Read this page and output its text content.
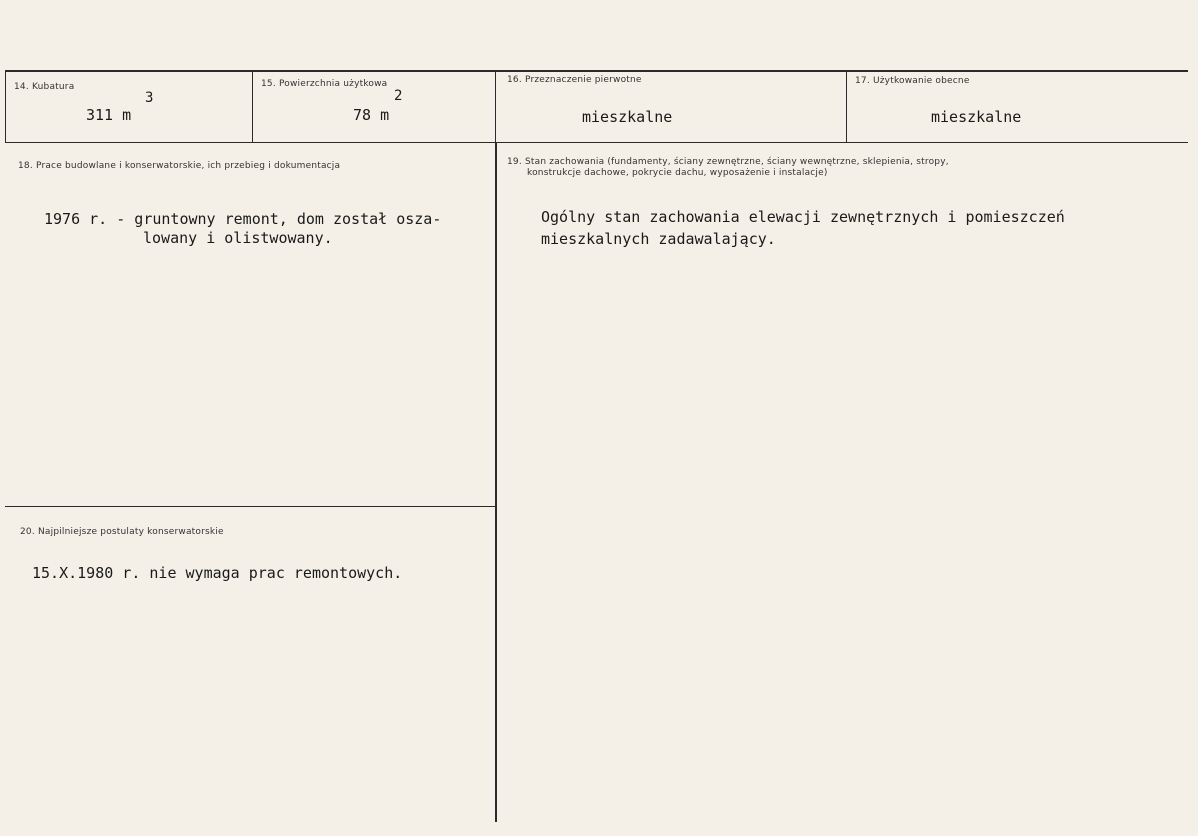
14. Kubatura
311 m
3
15. Powierzchnia użytkowa
78 m
2
16. Przeznaczenie pierwotne
mieszkalne
17. Użytkowanie obecne
mieszkalne
18. Prace budowlane i konserwatorskie, ich przebieg i dokumentacja
1976 r. - gruntowny remont, dom został osza-
lowany i olistwowany.
19. Stan zachowania (fundamenty, ściany zewnętrzne, ściany wewnętrzne, sklepienia, stropy,
konstrukcje dachowe, pokrycie dachu, wyposażenie i instalacje)
Ogólny stan zachowania elewacji zewnętrznych i pomieszczeń
mieszkalnych zadawalający.
20. Najpilniejsze postulaty konserwatorskie
15.X.1980 r. nie wymaga prac remontowych.
